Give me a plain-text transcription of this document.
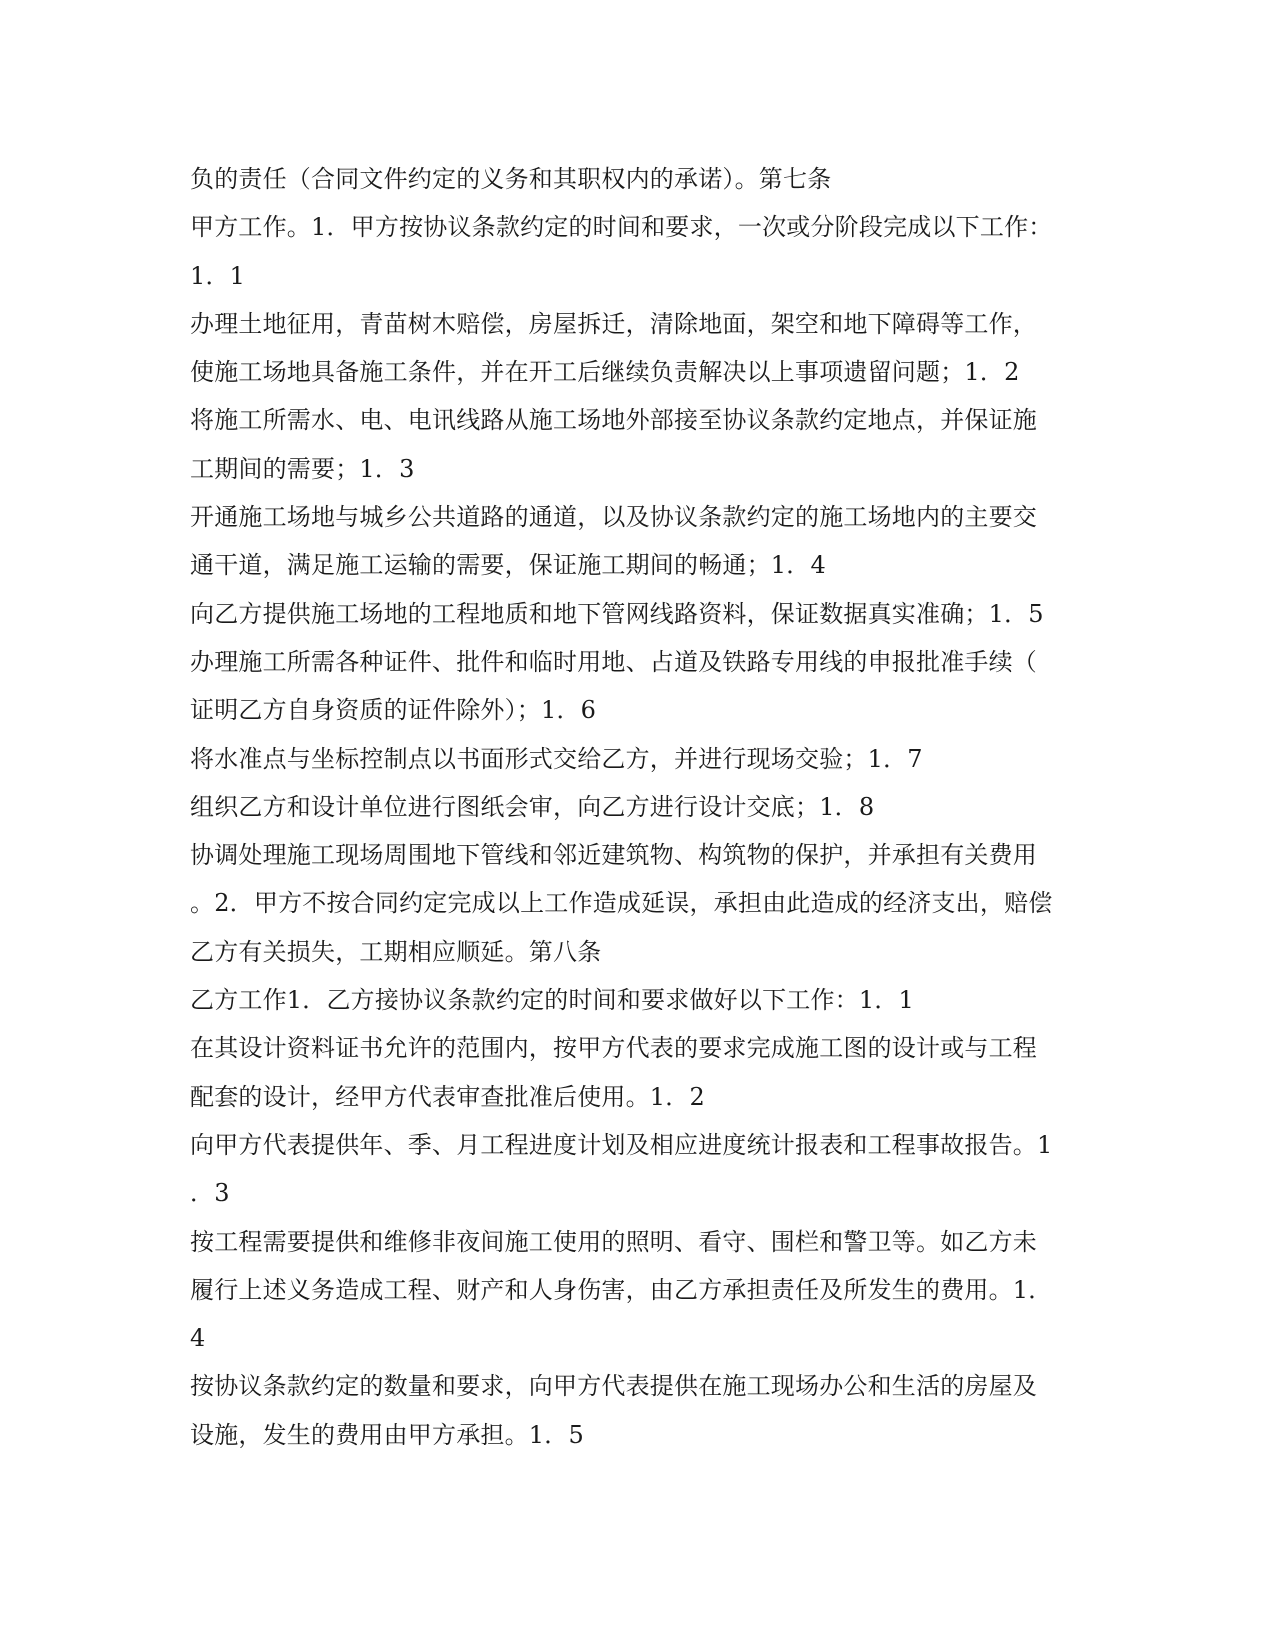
负的责任（合同文件约定的义务和其职权内的承诺）。第七条
甲方工作。1．甲方按协议条款约定的时间和要求，一次或分阶段完成以下工作：
1．1
办理土地征用，青苗树木赔偿，房屋拆迁，清除地面，架空和地下障碍等工作，
使施工场地具备施工条件，并在开工后继续负责解决以上事项遗留问题；1．2
将施工所需水、电、电讯线路从施工场地外部接至协议条款约定地点，并保证施
工期间的需要；1．3
开通施工场地与城乡公共道路的通道，以及协议条款约定的施工场地内的主要交
通干道，满足施工运输的需要，保证施工期间的畅通；1．4
向乙方提供施工场地的工程地质和地下管网线路资料，保证数据真实准确；1．5
办理施工所需各种证件、批件和临时用地、占道及铁路专用线的申报批准手续（
证明乙方自身资质的证件除外）；1．6
将水准点与坐标控制点以书面形式交给乙方，并进行现场交验；1．7
组织乙方和设计单位进行图纸会审，向乙方进行设计交底；1．8
协调处理施工现场周围地下管线和邻近建筑物、构筑物的保护，并承担有关费用
。2．甲方不按合同约定完成以上工作造成延误，承担由此造成的经济支出，赔偿
乙方有关损失，工期相应顺延。第八条
乙方工作1．乙方接协议条款约定的时间和要求做好以下工作：1．1
在其设计资料证书允许的范围内，按甲方代表的要求完成施工图的设计或与工程
配套的设计，经甲方代表审查批准后使用。1．2
向甲方代表提供年、季、月工程进度计划及相应进度统计报表和工程事故报告。1
．3
按工程需要提供和维修非夜间施工使用的照明、看守、围栏和警卫等。如乙方未
履行上述义务造成工程、财产和人身伤害，由乙方承担责任及所发生的费用。1．
4
按协议条款约定的数量和要求，向甲方代表提供在施工现场办公和生活的房屋及
设施，发生的费用由甲方承担。1．5
